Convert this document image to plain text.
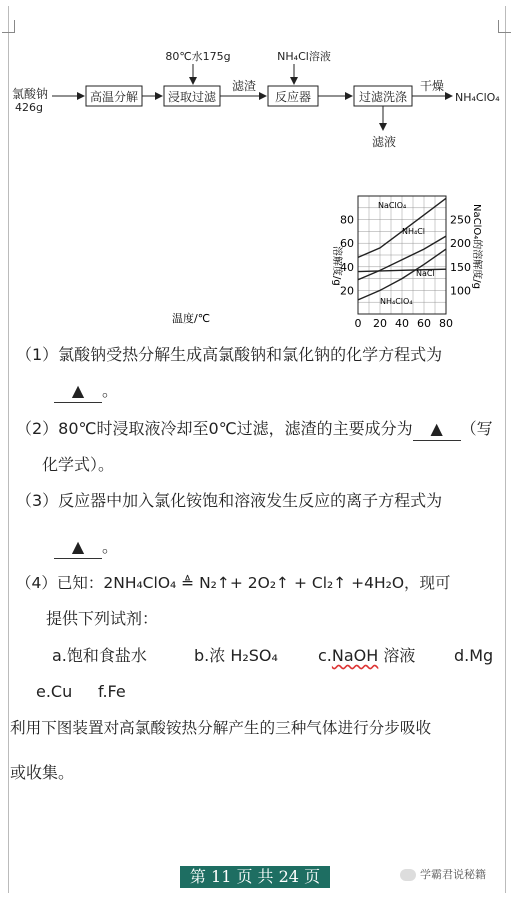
氯酸钠
426g
高温分解
80℃水175g
浸取过滤
滤渣
NH₄Cl溶液
反应器	过滤洗涤
干燥
NH₄ClO₄
滤液
0 20 40 60 80
20
40
60
80
100
150
200
250
溶解度/g	NaClO₄的溶解度/g
温度/℃
NaClO₄
NH₄Cl
NaCl
NH₄ClO₄
（1）氯酸钠受热分解生成高氯酸钠和氯化钠的化学方程式为
▲ 。
（2）80℃时浸取液冷却至0℃过滤，滤渣的主要成分为 ▲ （写
化学式）。
（3）反应器中加入氯化铵饱和溶液发生反应的离子方程式为
▲ 。
（4）已知：2NH₄ClO₄ ≜ N₂↑+ 2O₂↑ + Cl₂↑ +4H₂O，现可
提供下列试剂：
a.饱和食盐水	b.浓 H₂SO₄	c.NaOH 溶液 d.Mg
e.Cu f.Fe
利用下图装置对高氯酸铵热分解产生的三种气体进行分步吸收
或收集。
第 11 页 共 24 页	学霸君说秘籍
